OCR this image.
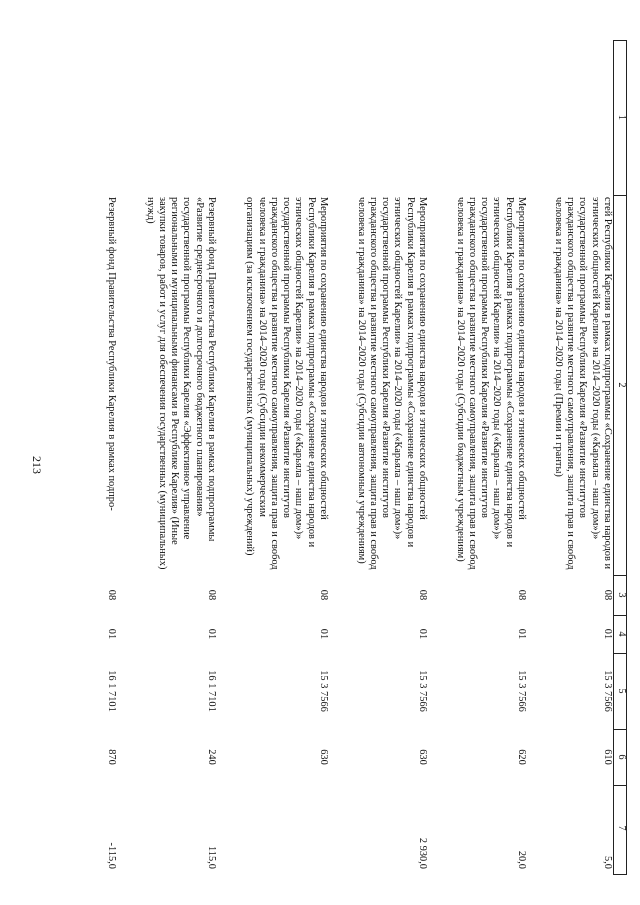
213
1
2
3
4
5
6
7
стей Республики Карелия в рамках подпрограммы «Сохранение единства народов и этнических общностей Карелии» на 2014–2020 годы («Карьяла – наш дом»)» государственной программы Республики Карелия «Развитие институтов гражданского общества и развитие местного самоуправления, защита прав и свобод человека и гражданина» на 2014–2020 годы (Премии и гранты)
08
01
15 3 7566
610
5,0
Мероприятия по сохранению единства народов и этнических общностей Республики Карелия в рамках подпрограммы «Сохранение единства народов и этнических общностей Карелии» на 2014–2020 годы («Карьяла – наш дом»)» государственной программы Республики Карелия «Развитие институтов гражданского общества и развитие местного самоуправления, защита прав и свобод человека и гражданина» на 2014–2020 годы (Субсидии бюджетным учреждениям)
08
01
15 3 7566
620
20,0
Мероприятия по сохранению единства народов и этнических общностей Республики Карелия в рамках подпрограммы «Сохранение единства народов и этнических общностей Карелии» на 2014–2020 годы («Карьяла – наш дом»)» государственной программы Республики Карелия «Развитие институтов гражданского общества и развитие местного самоуправления, защита прав и свобод человека и гражданина» на 2014–2020 годы (Субсидии автономным учреждениям)
08
01
15 3 7566
630
2 930,0
Мероприятия по сохранению единства народов и этнических общностей Республики Карелия в рамках подпрограммы «Сохранение единства народов и этнических общностей Карелии» на 2014–2020 годы («Карьяла – наш дом»)» государственной программы Республики Карелия «Развитие институтов гражданского общества и развитие местного самоуправления, защита прав и свобод человека и гражданина» на 2014–2020 годы (Субсидии некоммерческим организациям (за исключением государственных (муниципальных) учреждений)
08
01
15 3 7566
630
Резервный фонд Правительства Республики Карелия в рамках подпрограммы «Развитие среднесрочного и долгосрочного бюджетного планирования» государственной программы Республики Карелия «Эффективное управление региональными и муниципальными финансами в Республике Карелия» (Иные закупки товаров, работ и услуг для обеспечения государственных (муниципальных) нужд)
08
01
16 1 7101
240
115,0
Резервный фонд Правительства Республики Карелия в рамках подпро-
08
01
16 1 7101
870
-115,0
